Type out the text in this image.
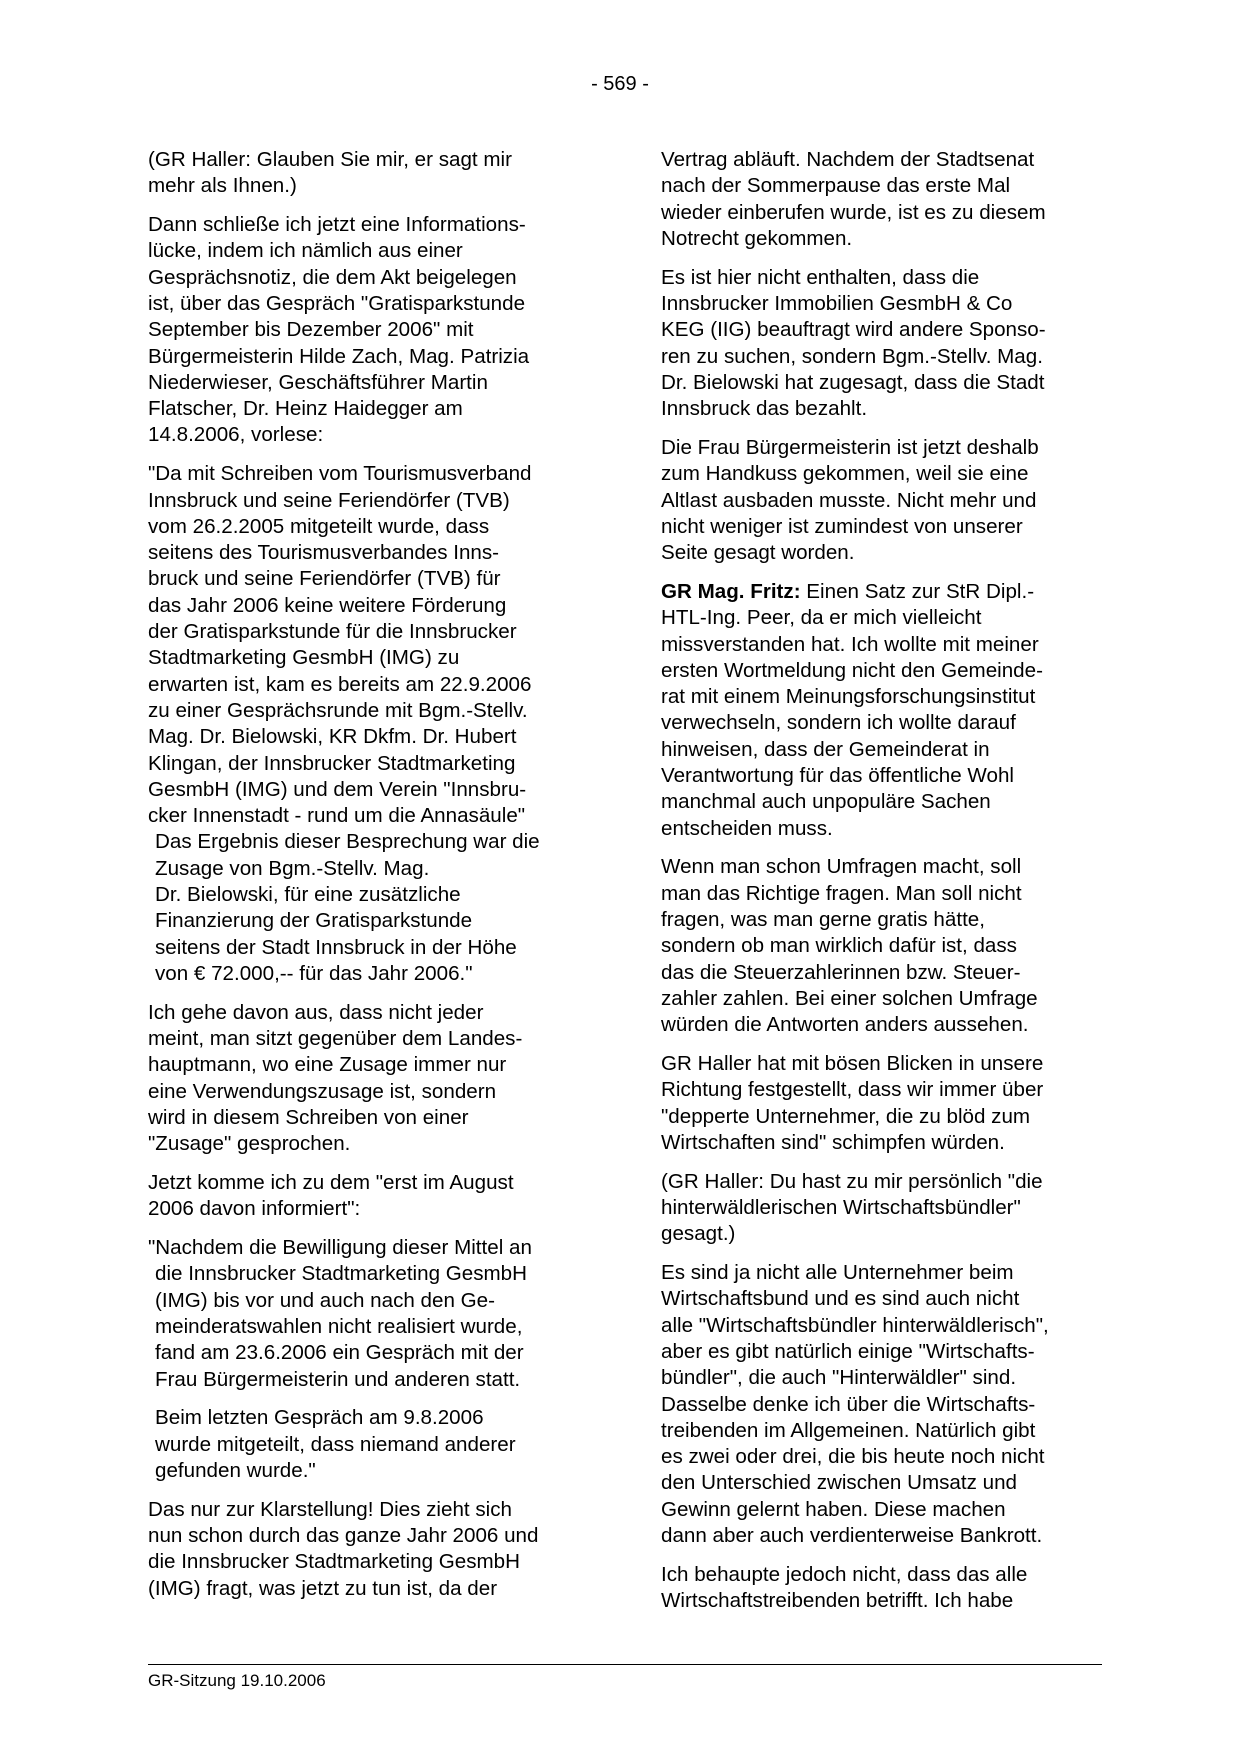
- 569 -

(GR Haller: Glauben Sie mir, er sagt mir
mehr als Ihnen.)

Dann schließe ich jetzt eine Informations-
lücke, indem ich nämlich aus einer
Gesprächsnotiz, die dem Akt beigelegen
ist, über das Gespräch "Gratisparkstunde
September bis Dezember 2006" mit
Bürgermeisterin Hilde Zach, Mag. Patrizia
Niederwieser, Geschäftsführer Martin
Flatscher, Dr. Heinz Haidegger am
14.8.2006, vorlese:

"Da mit Schreiben vom Tourismusverband
Innsbruck und seine Feriendörfer (TVB)
vom 26.2.2005 mitgeteilt wurde, dass
seitens des Tourismusverbandes Inns-
bruck und seine Feriendörfer (TVB) für
das Jahr 2006 keine weitere Förderung
der Gratisparkstunde für die Innsbrucker
Stadtmarketing GesmbH (IMG) zu
erwarten ist, kam es bereits am 22.9.2006
zu einer Gesprächsrunde mit Bgm.-Stellv.
Mag. Dr. Bielowski, KR Dkfm. Dr. Hubert
Klingan, der Innsbrucker Stadtmarketing
GesmbH (IMG) und dem Verein "Innsbru-
cker Innenstadt - rund um die Annasäule"
Das Ergebnis dieser Besprechung war die
Zusage von Bgm.-Stellv. Mag.
Dr. Bielowski, für eine zusätzliche
Finanzierung der Gratisparkstunde
seitens der Stadt Innsbruck in der Höhe
von € 72.000,-- für das Jahr 2006."

Ich gehe davon aus, dass nicht jeder
meint, man sitzt gegenüber dem Landes-
hauptmann, wo eine Zusage immer nur
eine Verwendungszusage ist, sondern
wird in diesem Schreiben von einer
"Zusage" gesprochen.

Jetzt komme ich zu dem "erst im August
2006 davon informiert":

"Nachdem die Bewilligung dieser Mittel an
die Innsbrucker Stadtmarketing GesmbH
(IMG) bis vor und auch nach den Ge-
meinderatswahlen nicht realisiert wurde,
fand am 23.6.2006 ein Gespräch mit der
Frau Bürgermeisterin und anderen statt.

Beim letzten Gespräch am 9.8.2006
wurde mitgeteilt, dass niemand anderer
gefunden wurde."

Das nur zur Klarstellung! Dies zieht sich
nun schon durch das ganze Jahr 2006 und
die Innsbrucker Stadtmarketing GesmbH
(IMG) fragt, was jetzt zu tun ist, da der

Vertrag abläuft. Nachdem der Stadtsenat
nach der Sommerpause das erste Mal
wieder einberufen wurde, ist es zu diesem
Notrecht gekommen.

Es ist hier nicht enthalten, dass die
Innsbrucker Immobilien GesmbH & Co
KEG (IIG) beauftragt wird andere Sponso-
ren zu suchen, sondern Bgm.-Stellv. Mag.
Dr. Bielowski hat zugesagt, dass die Stadt
Innsbruck das bezahlt.

Die Frau Bürgermeisterin ist jetzt deshalb
zum Handkuss gekommen, weil sie eine
Altlast ausbaden musste. Nicht mehr und
nicht weniger ist zumindest von unserer
Seite gesagt worden.

GR Mag. Fritz: Einen Satz zur StR Dipl.-
HTL-Ing. Peer, da er mich vielleicht
missverstanden hat. Ich wollte mit meiner
ersten Wortmeldung nicht den Gemeinde-
rat mit einem Meinungsforschungsinstitut
verwechseln, sondern ich wollte darauf
hinweisen, dass der Gemeinderat in
Verantwortung für das öffentliche Wohl
manchmal auch unpopuläre Sachen
entscheiden muss.

Wenn man schon Umfragen macht, soll
man das Richtige fragen. Man soll nicht
fragen, was man gerne gratis hätte,
sondern ob man wirklich dafür ist, dass
das die Steuerzahlerinnen bzw. Steuer-
zahler zahlen. Bei einer solchen Umfrage
würden die Antworten anders aussehen.

GR Haller hat mit bösen Blicken in unsere
Richtung festgestellt, dass wir immer über
"depperte Unternehmer, die zu blöd zum
Wirtschaften sind" schimpfen würden.

(GR Haller: Du hast zu mir persönlich "die
hinterwäldlerischen Wirtschaftsbündler"
gesagt.)

Es sind ja nicht alle Unternehmer beim
Wirtschaftsbund und es sind auch nicht
alle "Wirtschaftsbündler hinterwäldlerisch",
aber es gibt natürlich einige "Wirtschafts-
bündler", die auch "Hinterwäldler" sind.
Dasselbe denke ich über die Wirtschafts-
treibenden im Allgemeinen. Natürlich gibt
es zwei oder drei, die bis heute noch nicht
den Unterschied zwischen Umsatz und
Gewinn gelernt haben. Diese machen
dann aber auch verdienterweise Bankrott.

Ich behaupte jedoch nicht, dass das alle
Wirtschaftstreibenden betrifft. Ich habe

GR-Sitzung 19.10.2006
